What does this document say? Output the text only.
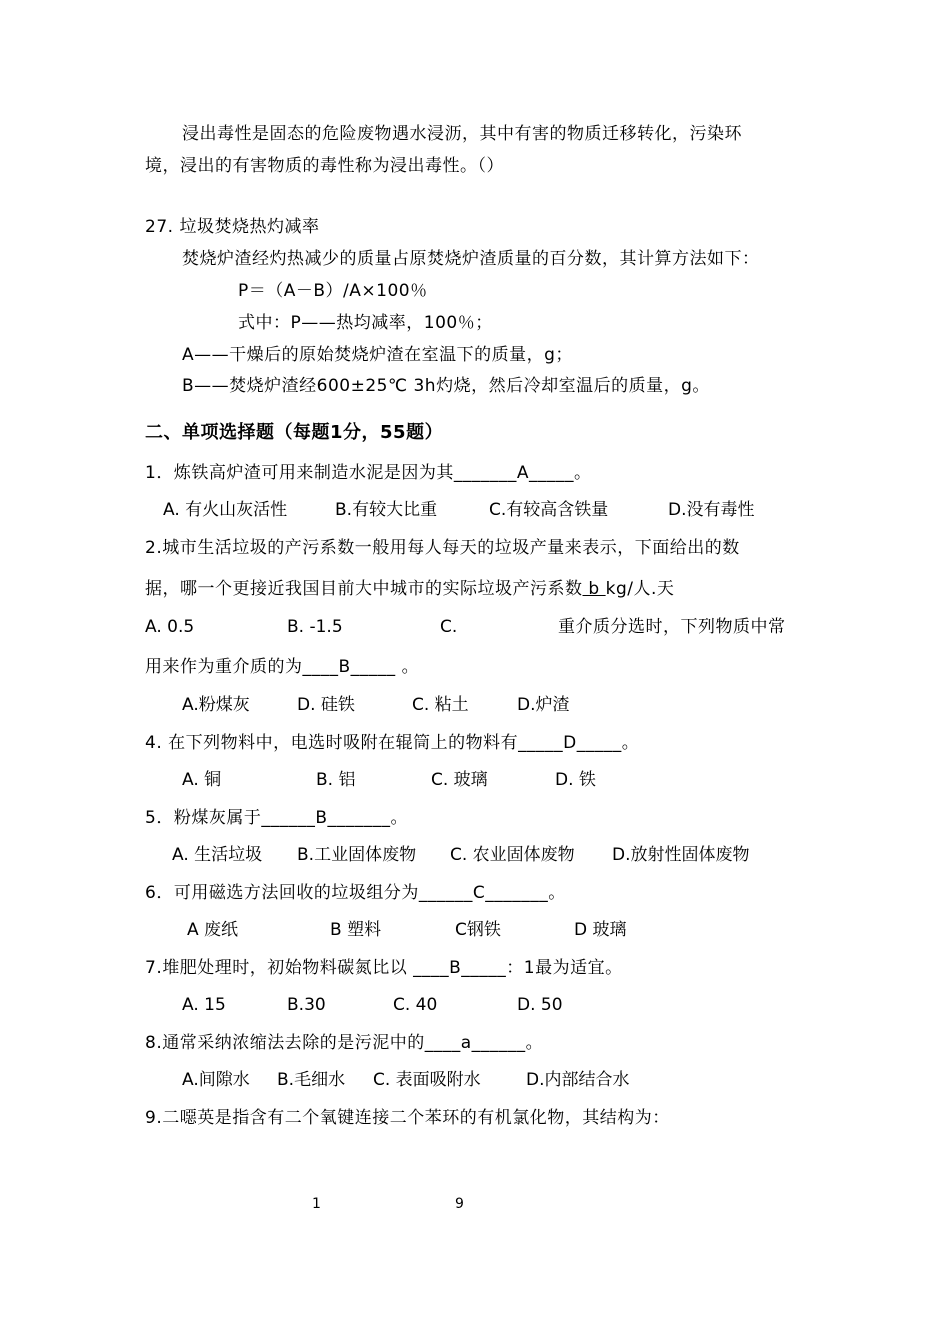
浸出毒性是固态的危险废物遇水浸沥，其中有害的物质迁移转化，污染环
境，浸出的有害物质的毒性称为浸出毒性。（）
27. 垃圾焚烧热灼减率
焚烧炉渣经灼热减少的质量占原焚烧炉渣质量的百分数，其计算方法如下：
P＝（A－B）/A×100％
式中：P——热均减率，100％；
A——干燥后的原始焚烧炉渣在室温下的质量，g；
B——焚烧炉渣经600±25℃ 3h灼烧，然后冷却室温后的质量，g。
二、单项选择题（每题1分，55题）
1．炼铁高炉渣可用来制造水泥是因为其_______A_____。
A. 有火山灰活性	B.有较大比重	C.有较高含铁量	D.没有毒性
2.城市生活垃圾的产污系数一般用每人每天的垃圾产量来表示，下面给出的数
据，哪一个更接近我国目前大中城市的实际垃圾产污系数 b kg/人.天
A. 0.5	B. -1.5	C.	重介质分选时，下列物质中常
用来作为重介质的为____B_____ 。
A.粉煤灰	D. 硅铁	C. 粘土	D.炉渣
4. 在下列物料中，电选时吸附在辊筒上的物料有_____D_____。
A. 铜	B. 铝	C. 玻璃	D. 铁
5．粉煤灰属于______B_______。
A. 生活垃圾 B.工业固体废物 C. 农业固体废物 D.放射性固体废物
6．可用磁选方法回收的垃圾组分为______C_______。
A 废纸	B 塑料	C钢铁	D 玻璃
7.堆肥处理时，初始物料碳氮比以 ____B_____：1最为适宜。
A. 15	B.30	C. 40	D. 50
8.通常采纳浓缩法去除的是污泥中的____a______。
A.间隙水 B.毛细水 C. 表面吸附水	D.内部结合水
9.二噁英是指含有二个氧键连接二个苯环的有机氯化物，其结构为：
1	9
